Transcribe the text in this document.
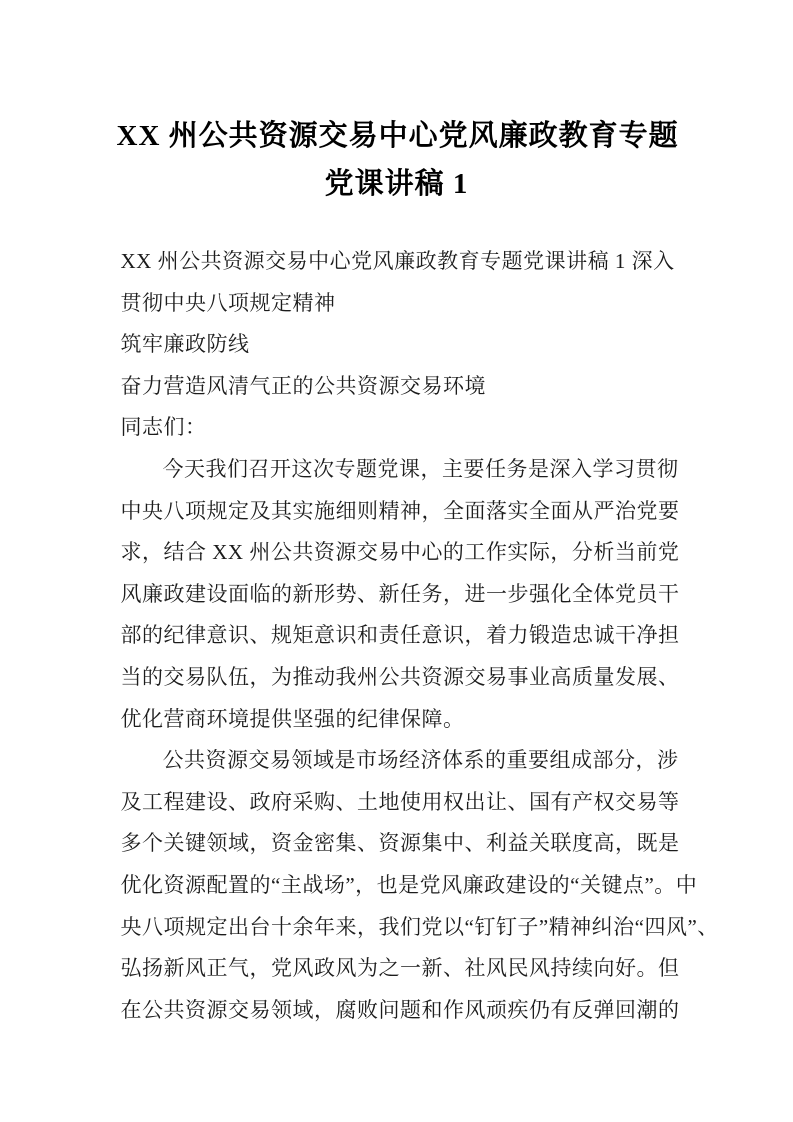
XX 州公共资源交易中心党风廉政教育专题
党课讲稿 1
XX 州公共资源交易中心党风廉政教育专题党课讲稿 1 深入
贯彻中央八项规定精神
筑牢廉政防线
奋力营造风清气正的公共资源交易环境
同志们：
今天我们召开这次专题党课，主要任务是深入学习贯彻
中央八项规定及其实施细则精神，全面落实全面从严治党要
求，结合 XX 州公共资源交易中心的工作实际，分析当前党
风廉政建设面临的新形势、新任务，进一步强化全体党员干
部的纪律意识、规矩意识和责任意识，着力锻造忠诚干净担
当的交易队伍，为推动我州公共资源交易事业高质量发展、
优化营商环境提供坚强的纪律保障。
公共资源交易领域是市场经济体系的重要组成部分，涉
及工程建设、政府采购、土地使用权出让、国有产权交易等
多个关键领域，资金密集、资源集中、利益关联度高，既是
优化资源配置的“主战场”，也是党风廉政建设的“关键点”。中
央八项规定出台十余年来，我们党以“钉钉子”精神纠治“四风”、
弘扬新风正气，党风政风为之一新、社风民风持续向好。但
在公共资源交易领域，腐败问题和作风顽疾仍有反弹回潮的
